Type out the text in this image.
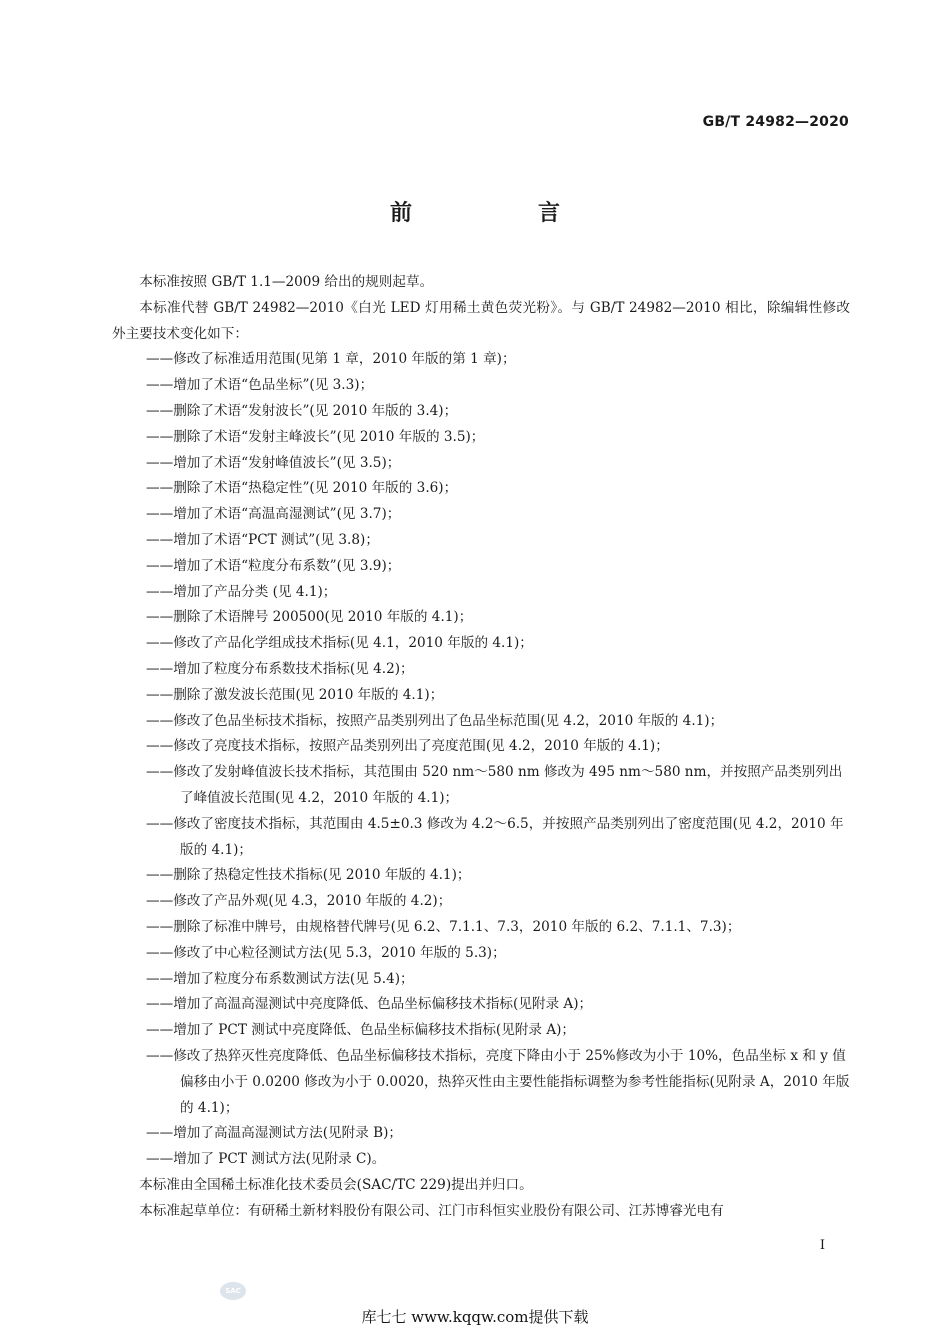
GB/T 24982—2020
前　言

本标准按照 GB/T 1.1—2009 给出的规则起草。

本标准代替 GB/T 24982—2010《白光 LED 灯用稀土黄色荧光粉》。与 GB/T 24982—2010 相比，除编辑性修改外主要技术变化如下：

——修改了标准适用范围(见第 1 章，2010 年版的第 1 章)；

——增加了术语“色品坐标”(见 3.3)；

——删除了术语“发射波长”(见 2010 年版的 3.4)；

——删除了术语“发射主峰波长”(见 2010 年版的 3.5)；

——增加了术语“发射峰值波长”(见 3.5)；

——删除了术语“热稳定性”(见 2010 年版的 3.6)；

——增加了术语“高温高湿测试”(见 3.7)；

——增加了术语“PCT 测试”(见 3.8)；

——增加了术语“粒度分布系数”(见 3.9)；

——增加了产品分类 (见 4.1)；

——删除了术语牌号 200500(见 2010 年版的 4.1)；

——修改了产品化学组成技术指标(见 4.1，2010 年版的 4.1)；

——增加了粒度分布系数技术指标(见 4.2)；

——删除了激发波长范围(见 2010 年版的 4.1)；

——修改了色品坐标技术指标，按照产品类别列出了色品坐标范围(见 4.2，2010 年版的 4.1)；

——修改了亮度技术指标，按照产品类别列出了亮度范围(见 4.2，2010 年版的 4.1)；

——修改了发射峰值波长技术指标，其范围由 520 nm～580 nm 修改为 495 nm～580 nm，并按照产品类别列出了峰值波长范围(见 4.2，2010 年版的 4.1)；

——修改了密度技术指标，其范围由 4.5±0.3 修改为 4.2～6.5，并按照产品类别列出了密度范围(见 4.2，2010 年版的 4.1)；

——删除了热稳定性技术指标(见 2010 年版的 4.1)；

——修改了产品外观(见 4.3，2010 年版的 4.2)；

——删除了标准中牌号，由规格替代牌号(见 6.2、7.1.1、7.3，2010 年版的 6.2、7.1.1、7.3)；

——修改了中心粒径测试方法(见 5.3，2010 年版的 5.3)；

——增加了粒度分布系数测试方法(见 5.4)；

——增加了高温高湿测试中亮度降低、色品坐标偏移技术指标(见附录 A)；

——增加了 PCT 测试中亮度降低、色品坐标偏移技术指标(见附录 A)；

——修改了热猝灭性亮度降低、色品坐标偏移技术指标，亮度下降由小于 25%修改为小于 10%，色品坐标 x 和 y 值偏移由小于 0.0200 修改为小于 0.0020，热猝灭性由主要性能指标调整为参考性能指标(见附录 A，2010 年版的 4.1)；

——增加了高温高湿测试方法(见附录 B)；

——增加了 PCT 测试方法(见附录 C)。

本标准由全国稀土标准化技术委员会(SAC/TC 229)提出并归口。

本标准起草单位：有研稀土新材料股份有限公司、江门市科恒实业股份有限公司、江苏博睿光电有

I
SAC
库七七 www.kqqw.com提供下载
